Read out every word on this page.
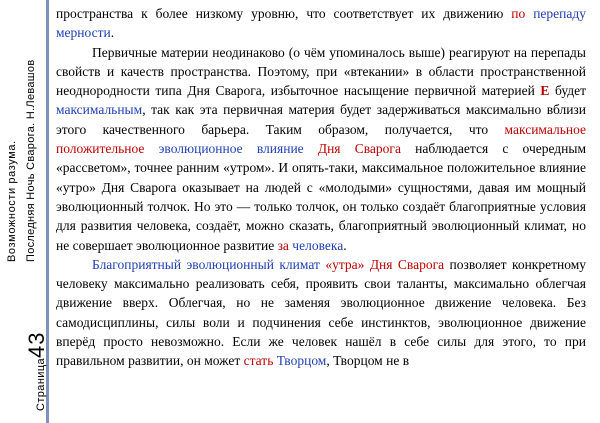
Возможности разума. Последняя Ночь Сварога. Н.Левашов
Страница43

пространства к более низкому уровню, что соответствует их движению по перепаду мерности.

Первичные материи неодинаково (о чём упоминалось выше) реагируют на перепады свойств и качеств пространства. Поэтому, при «втекании» в области пространственной неоднородности типа Дня Сварога, избыточное насыщение первичной материей E будет максимальным, так как эта первичная материя будет задерживаться максимально вблизи этого качественного барьера. Таким образом, получается, что максимальное положительное эволюционное влияние Дня Сварога наблюдается с очередным «рассветом», точнее ранним «утром». И опять-таки, максимальное положительное влияние «утро» Дня Сварога оказывает на людей с «молодыми» сущностями, давая им мощный эволюционный толчок. Но это — только толчок, он только создаёт благоприятные условия для развития человека, создаёт, можно сказать, благоприятный эволюционный климат, но не совершает эволюционное развитие за человека.

Благоприятный эволюционный климат «утра» Дня Сварога позволяет конкретному человеку максимально реализовать себя, проявить свои таланты, максимально облегчая движение вверх. Облегчая, но не заменяя эволюционное движение человека. Без самодисциплины, силы воли и подчинения себе инстинктов, эволюционное движение вперёд просто невозможно. Если же человек нашёл в себе силы для этого, то при правильном развитии, он может стать Творцом, Творцом не в
